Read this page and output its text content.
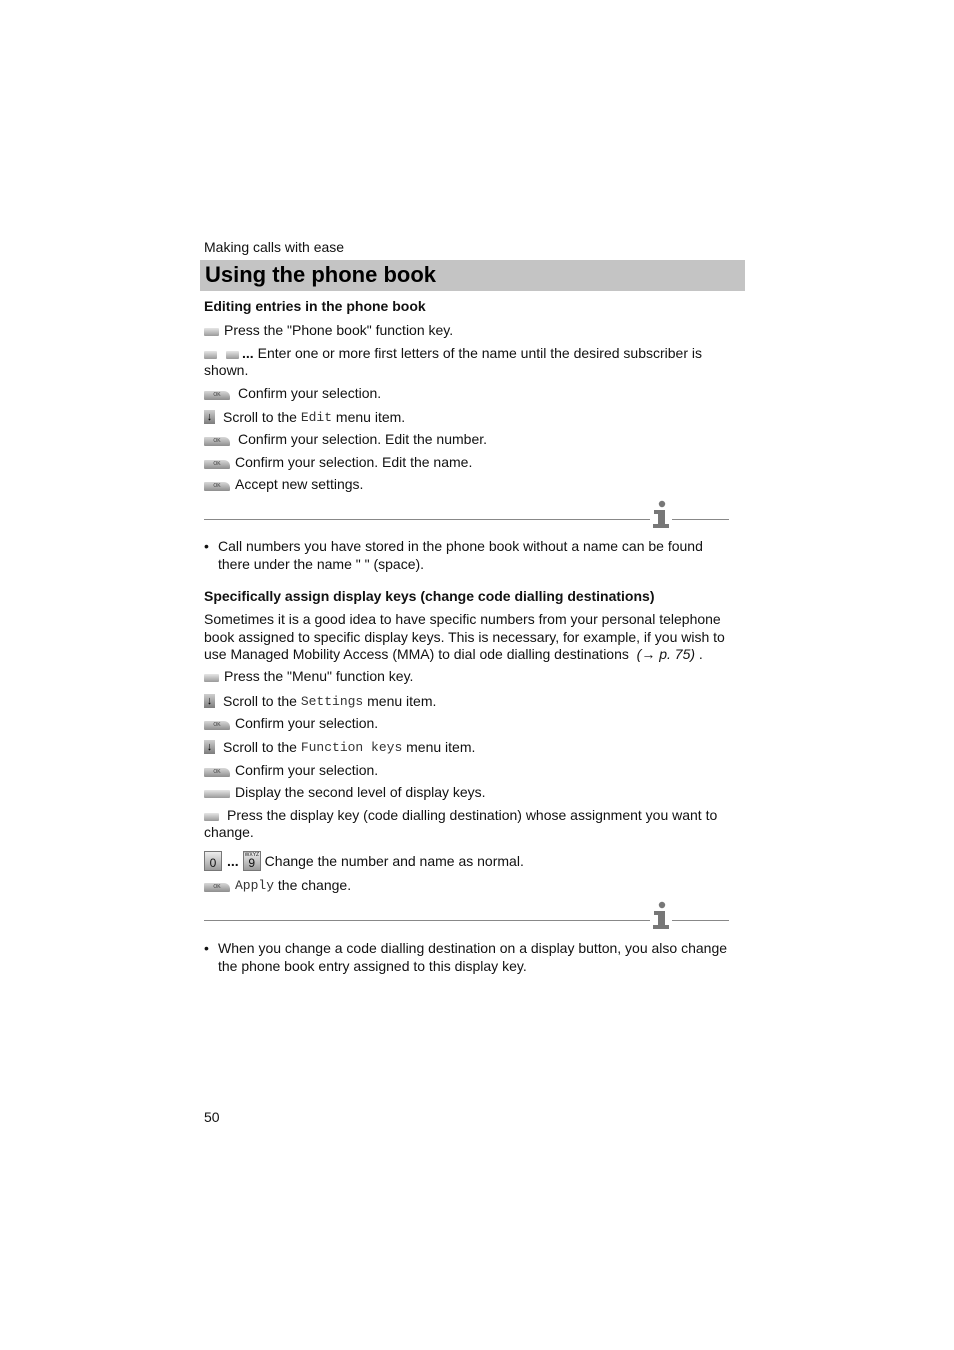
Making calls with ease
Using the phone book
Editing entries in the phone book
Press the "Phone book" function key.
... Enter one or more first letters of the name until the desired subscriber is
shown.
OK	Confirm your selection.
↓ Scroll to the Edit menu item.
OK	Confirm your selection. Edit the number.
OK	Confirm your selection. Edit the name.
OK	Accept new settings.
• Call numbers you have stored in the phone book without a name can be found
there under the name " " (space).
Specifically assign display keys (change code dialling destinations)
Sometimes it is a good idea to have specific numbers from your personal telephone
book assigned to specific display keys. This is necessary, for example, if you wish to
use Managed Mobility Access (MMA) to dial ode dialling destinations (→ p. 75) .
Press the "Menu" function key.
↓ Scroll to the Settings menu item.
OK	Confirm your selection.
↓ Scroll to the Function keys menu item.
OK	Confirm your selection.
Display the second level of display keys.
Press the display key (code dialling destination) whose assignment you want to
change.
0 ... WXYZ
9 Change the number and name as normal.
OK	Apply the change.
• When you change a code dialling destination on a display button, you also change
the phone book entry assigned to this display key.
50
